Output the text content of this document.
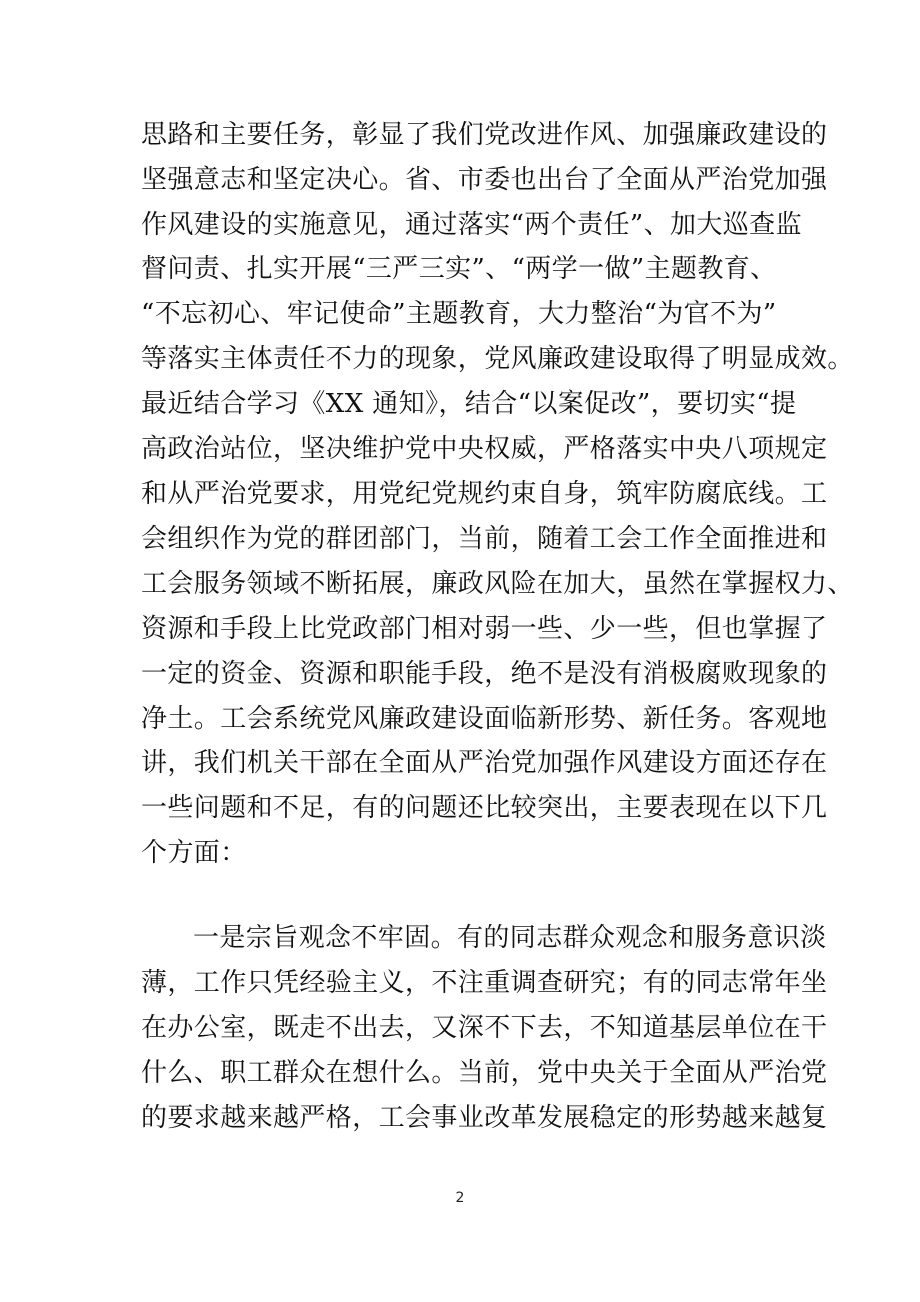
思路和主要任务，彰显了我们党改进作风、加强廉政建设的
坚强意志和坚定决心。省、市委也出台了全面从严治党加强
作风建设的实施意见，通过落实“两个责任”、加大巡查监
督问责、扎实开展“三严三实”、“两学一做”主题教育、
“不忘初心、牢记使命”主题教育，大力整治“为官不为”
等落实主体责任不力的现象，党风廉政建设取得了明显成效。
最近结合学习《XX 通知》，结合“以案促改”，要切实“提
高政治站位，坚决维护党中央权威，严格落实中央八项规定
和从严治党要求，用党纪党规约束自身，筑牢防腐底线。工
会组织作为党的群团部门，当前，随着工会工作全面推进和
工会服务领域不断拓展，廉政风险在加大，虽然在掌握权力、
资源和手段上比党政部门相对弱一些、少一些，但也掌握了
一定的资金、资源和职能手段，绝不是没有消极腐败现象的
净土。工会系统党风廉政建设面临新形势、新任务。客观地
讲，我们机关干部在全面从严治党加强作风建设方面还存在
一些问题和不足，有的问题还比较突出，主要表现在以下几
个方面：
一是宗旨观念不牢固。有的同志群众观念和服务意识淡
薄，工作只凭经验主义，不注重调查研究；有的同志常年坐
在办公室，既走不出去，又深不下去，不知道基层单位在干
什么、职工群众在想什么。当前，党中央关于全面从严治党
的要求越来越严格，工会事业改革发展稳定的形势越来越复
2
